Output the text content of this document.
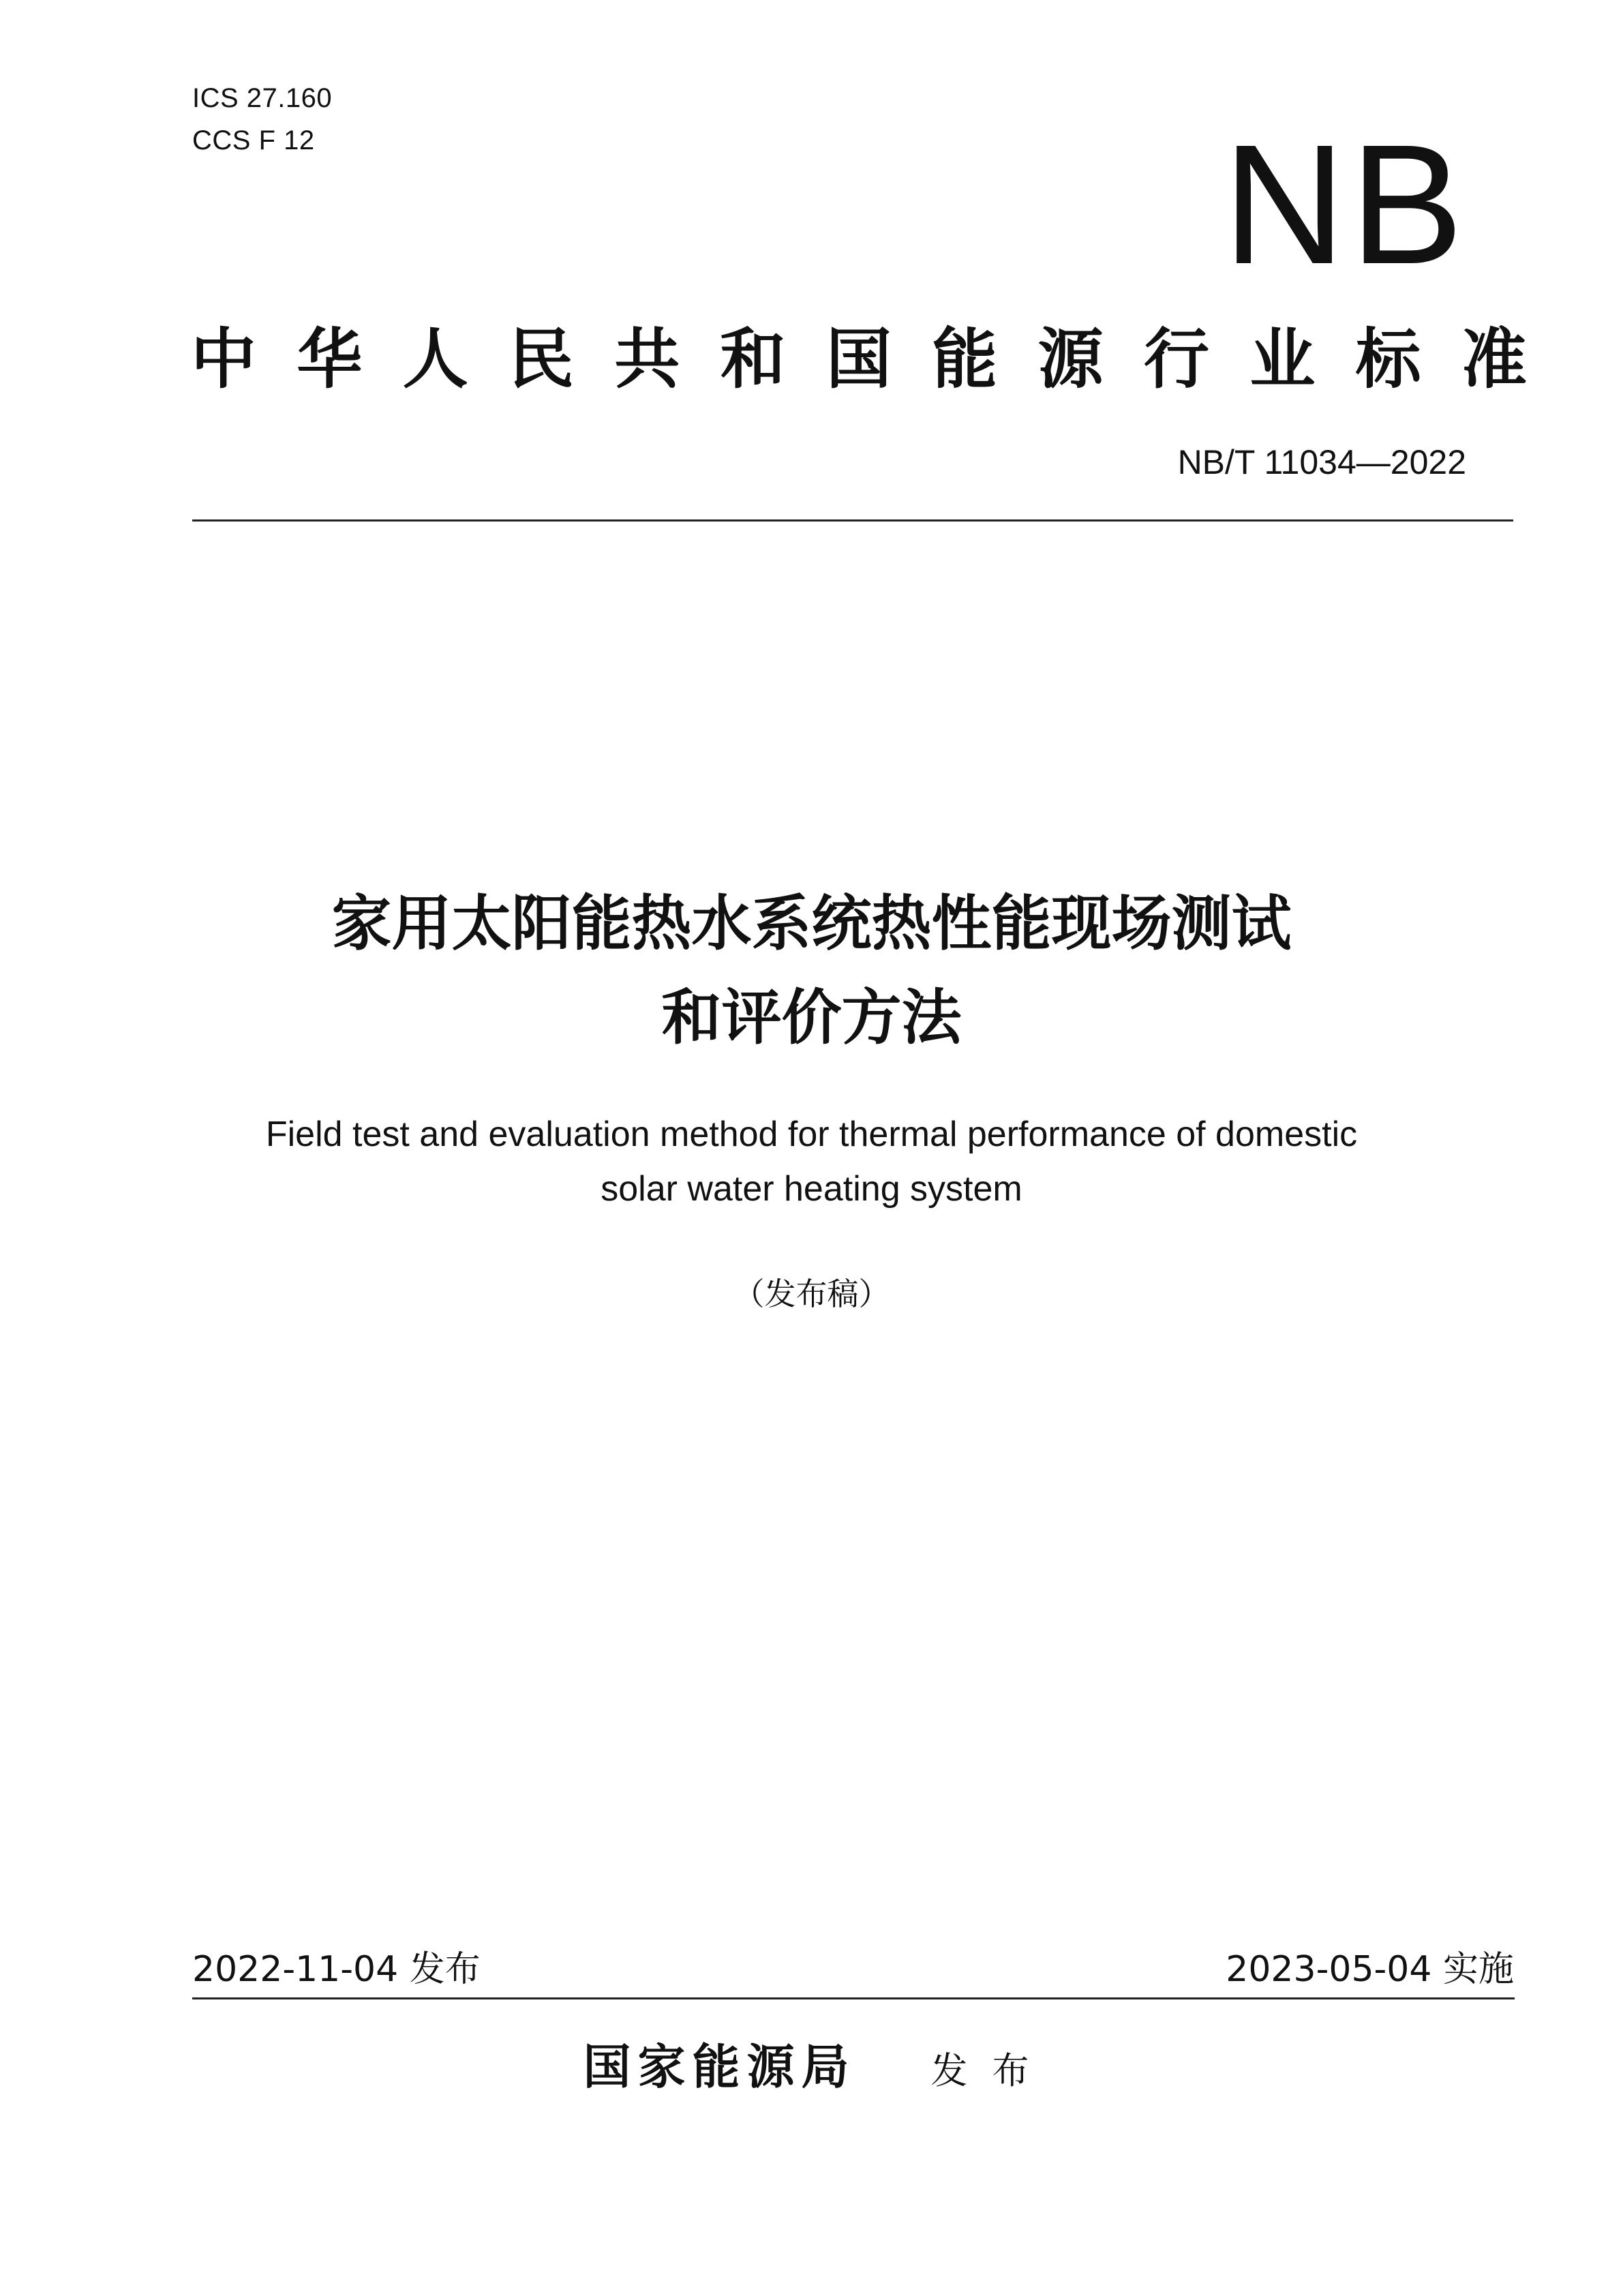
ICS 27.160
CCS F 12	NB
中 华 人 民 共 和 国 能 源 行 业 标 准
NB/T 11034—2022
家用太阳能热水系统热性能现场测试
和评价方法
Field test and evaluation method for thermal performance of domestic
solar water heating system
（发布稿）
2022-11-04 发布	2023-05-04 实施
国家能源局 发布
